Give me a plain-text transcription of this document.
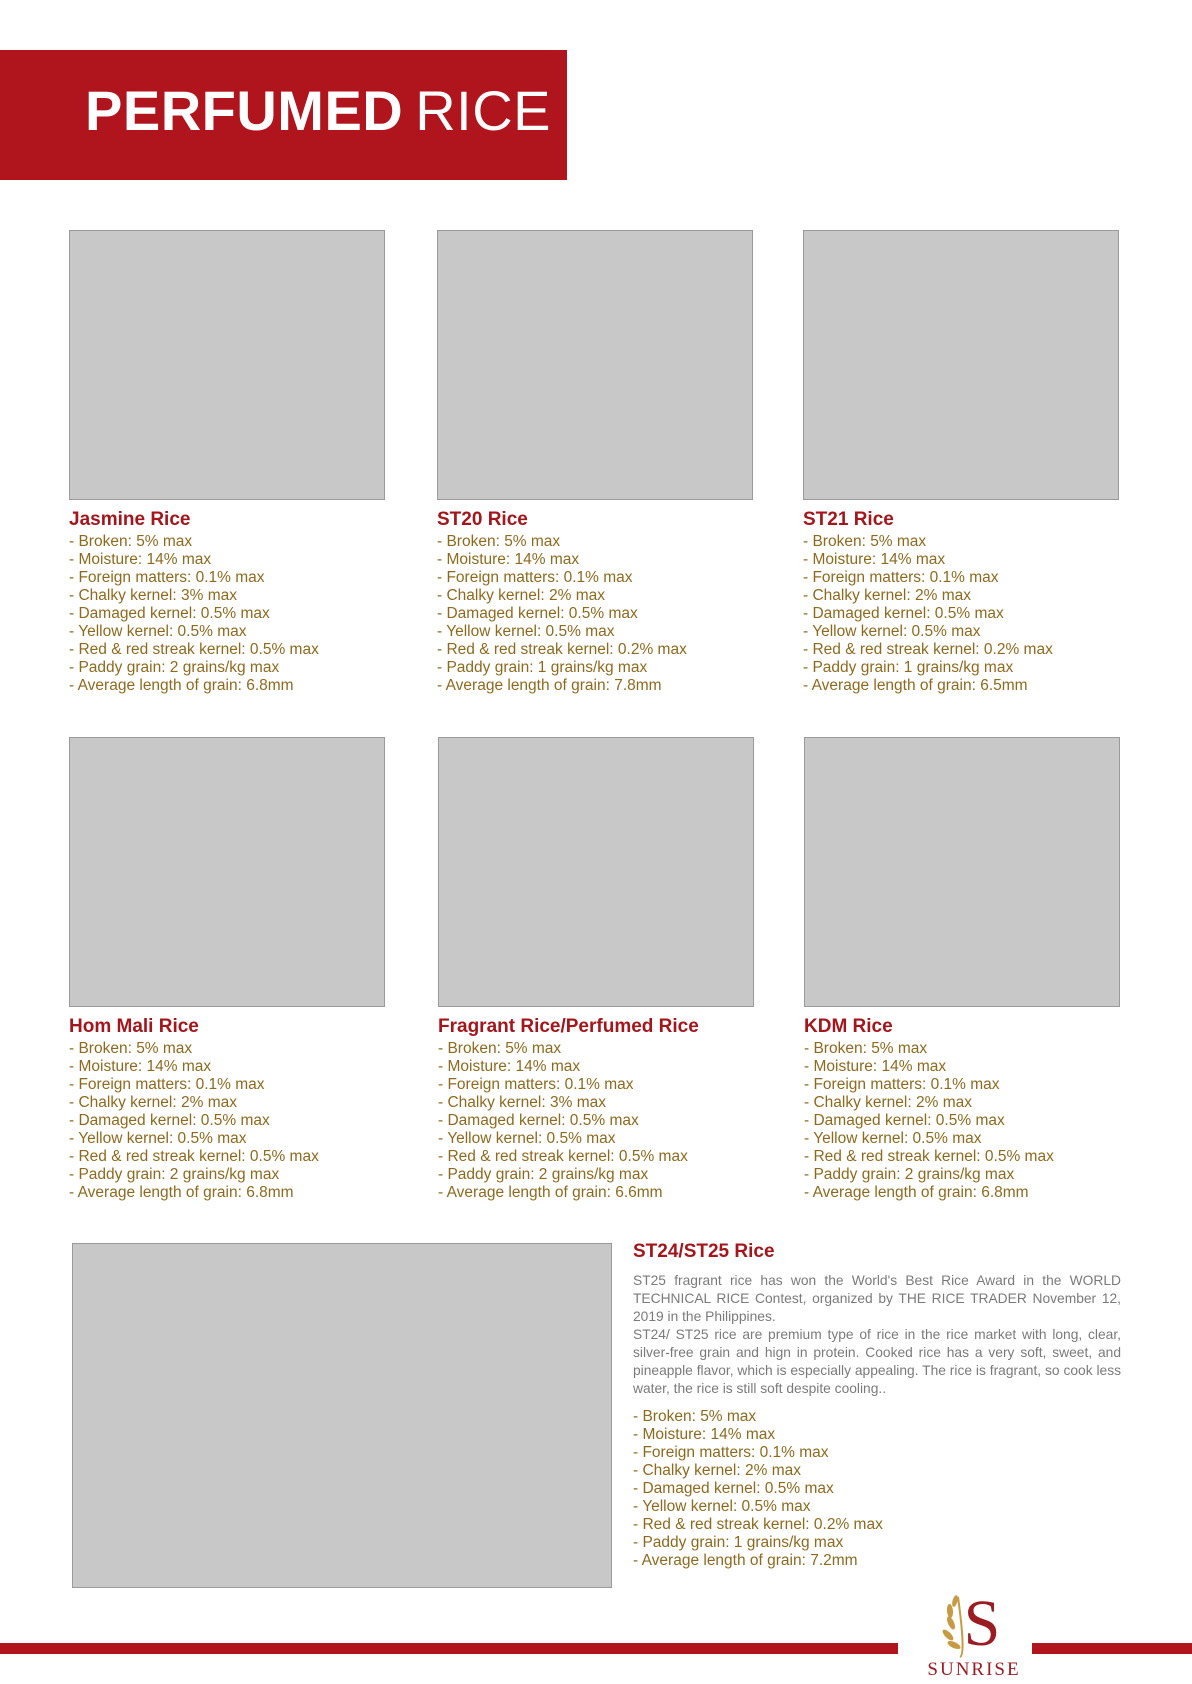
PERFUMED RICE
Jasmine Rice
- Broken: 5% max
- Moisture: 14% max
- Foreign matters: 0.1% max
- Chalky kernel: 3% max
- Damaged kernel: 0.5% max
- Yellow kernel: 0.5% max
- Red & red streak kernel: 0.5% max
- Paddy grain: 2 grains/kg max
- Average length of grain: 6.8mm
ST20 Rice
- Broken: 5% max
- Moisture: 14% max
- Foreign matters: 0.1% max
- Chalky kernel: 2% max
- Damaged kernel: 0.5% max
- Yellow kernel: 0.5% max
- Red & red streak kernel: 0.2% max
- Paddy grain: 1 grains/kg max
- Average length of grain: 7.8mm
ST21 Rice
- Broken: 5% max
- Moisture: 14% max
- Foreign matters: 0.1% max
- Chalky kernel: 2% max
- Damaged kernel: 0.5% max
- Yellow kernel: 0.5% max
- Red & red streak kernel: 0.2% max
- Paddy grain: 1 grains/kg max
- Average length of grain: 6.5mm
Hom Mali Rice
- Broken: 5% max
- Moisture: 14% max
- Foreign matters: 0.1% max
- Chalky kernel: 2% max
- Damaged kernel: 0.5% max
- Yellow kernel: 0.5% max
- Red & red streak kernel: 0.5% max
- Paddy grain: 2 grains/kg max
- Average length of grain: 6.8mm
Fragrant Rice/Perfumed Rice
- Broken: 5% max
- Moisture: 14% max
- Foreign matters: 0.1% max
- Chalky kernel: 3% max
- Damaged kernel: 0.5% max
- Yellow kernel: 0.5% max
- Red & red streak kernel: 0.5% max
- Paddy grain: 2 grains/kg max
- Average length of grain: 6.6mm
KDM Rice
- Broken: 5% max
- Moisture: 14% max
- Foreign matters: 0.1% max
- Chalky kernel: 2% max
- Damaged kernel: 0.5% max
- Yellow kernel: 0.5% max
- Red & red streak kernel: 0.5% max
- Paddy grain: 2 grains/kg max
- Average length of grain: 6.8mm
ST24/ST25 Rice
ST25 fragrant rice has won the World's Best Rice Award in the WORLD TECHNICAL RICE Contest, organized by THE RICE TRADER November 12, 2019 in the Philippines.
ST24/ ST25 rice are premium type of rice in the rice market with long, clear, silver-free grain and hign in protein. Cooked rice has a very soft, sweet, and pineapple flavor, which is especially appealing. The rice is fragrant, so cook less water, the rice is still soft despite cooling..
- Broken: 5% max
- Moisture: 14% max
- Foreign matters: 0.1% max
- Chalky kernel: 2% max
- Damaged kernel: 0.5% max
- Yellow kernel: 0.5% max
- Red & red streak kernel: 0.2% max
- Paddy grain: 1 grains/kg max
- Average length of grain: 7.2mm
S
SUNRISE
